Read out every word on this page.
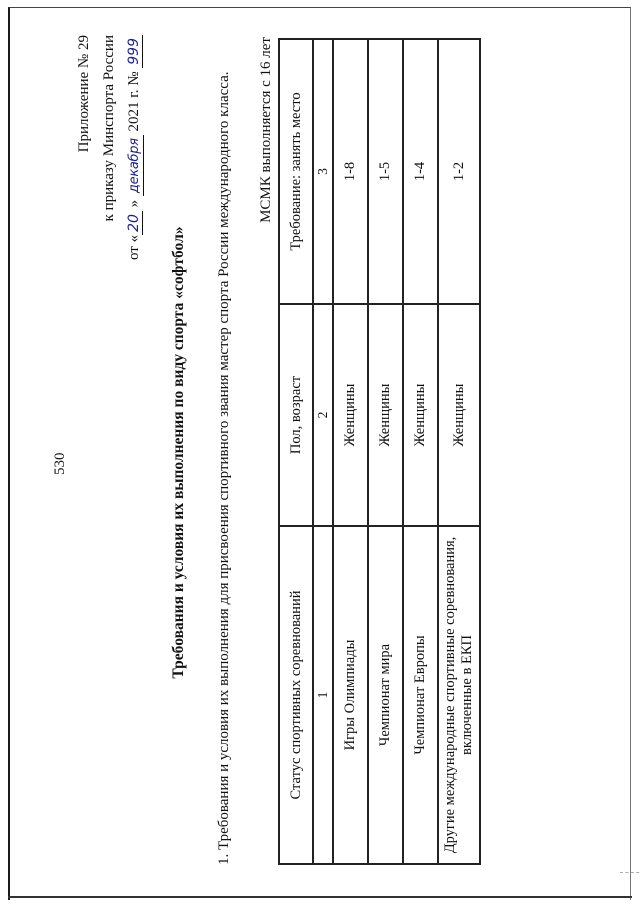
530
Приложение № 29 к приказу Минспорта России
от «20 » декабря 2021 г. № 999
Требования и условия их выполнения по виду спорта «софтбол» 1. Требования и условия их выполнения для присвоения спортивного звания мастер спорта России международного класса. МСМК выполняется с 16 лет
Статус спортивных соревнований	Пол, возраст	Требование: занять место
1	2	3
Игры Олимпиады	Женщины	1-8
Чемпионат мира	Женщины	1-5
Чемпионат Европы	Женщины	1-4
Другие международные спортивные соревнования, включенные в ЕКП	Женщины	1-2
